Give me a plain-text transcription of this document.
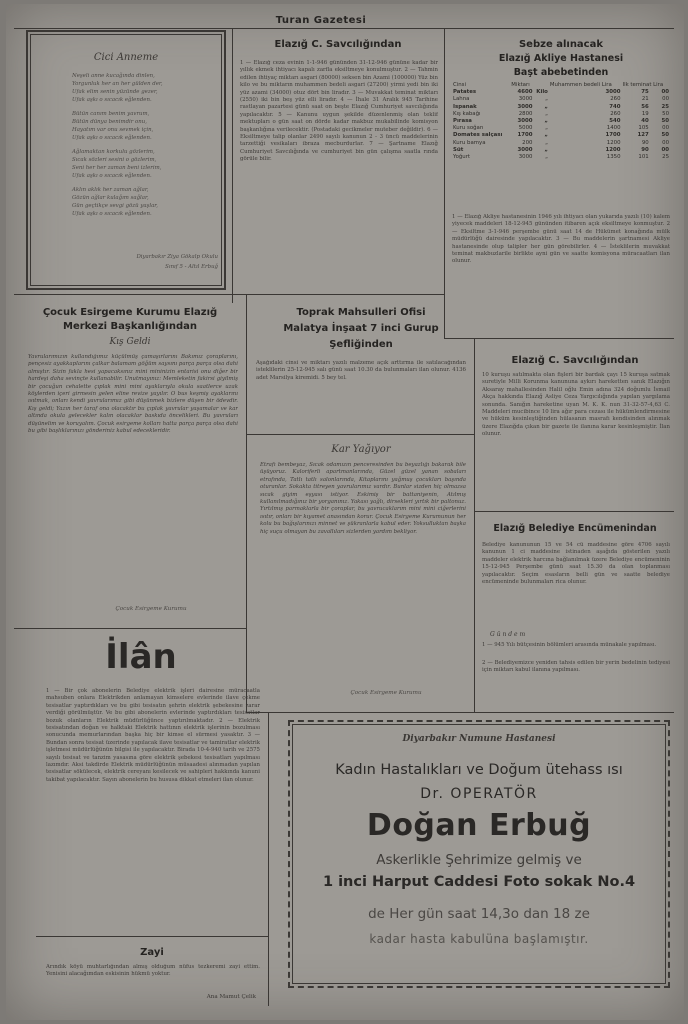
Turan Gazetesi
Cici Anneme

Neşeli anne kucağında dinlen,

Yorgunluk her an her gülden der,

Ufak elim senin yüzünde gezer,

Ufak aşkı o sıcacık eğlenden.

Bütün canım benim yavrum,

Bütün dünya benimdir onu,

Hayatım var onu sevmek için,

Ufak aşkı o sıcacık eğlenden.

Ağlamaktan korkulu gözlerim,

Sıcak sözleri sesini o gözlerim,

Seni her her zaman beni izlerim,

Ufak aşkı o sıcacık eğlenden.

Aklın aklık her zaman ağlar,

Gözün ağlar kulağım sağlar,

Gün geçtikçe sevgi gözü yaşlar,

Ufak aşkı o sıcacık eğlenden.

Diyarbakır Ziya Gökalp Okulu
Sınıf 5 - Altıl Erbuğ
Elazığ C. Savcılığından
1 — Elazığ ceza evinin 1-1-946 gününden 31-12-946 gününe kadar bir yıllık ekmek ihtiyacı kapalı zarfla eksiltmeye konulmuştur. 2 — Tahmin edilen ihtiyaç miktarı asgari (80000) seksen bin Azami (100000) Yüz bin kilo ve bu miktarın muhammen bedeli asgari (27200) yirmi yedi bin iki yüz azami (34000) otuz dört bin liradır. 3 — Muvakkat teminat miktarı (2550) iki bin beş yüz elli liradır. 4 — İhale 31 Aralık 945 Tarihine rastlayan pazartesi günü saat on beşte Elazığ Cumhuriyet savcılığında yapılacaktır. 5 — Kanunu uygun şekilde düzenlenmiş olan teklif mektupları o gün saat on dörde kadar makbuz mukabilinde komisyon başkanlığına verilecektir. (Postadaki gecikmeler muteber değildir). 6 — Eksiltmeye talip olanlar 2490 sayılı kanunun 2 - 3 üncü maddelerinin tarzettiği vesikaları ibraza mecburdurlar. 7 — Şartname Elazığ Cumhuriyet Savcılığında ve cumhuriyet bin gün çalışma saatla rında görüle bilir.
Sebze alınacak
Elazığ Akliye Hastanesi
Başt abebetinden
Cinsi	Miktarı		Muhammen bedeli Lira	Ilk teminat Lira	
Patates	4600	Kilo	3000	75	00
Lahna	3000	„	260	21	00
Ispanak	3000	„	740	56	25
Kış kabağı	2800	„	260	19	50
Pırasa	3000	„	540	40	50
Kuru soğan	5000	„	1400	105	00
Domates salçası	1700	„	1700	127	50
Kuru bamya	200	„	1200	90	00
Süt	3000	„	1200	90	00
Yoğurt	3000	„	1350	101	25
1 — Elazığ Akliye hastanesinin 1946 yılı ihtiyacı olan yukarıda yazılı (10) kalem yiyecek maddeleri 18-12-945 gününden itibaren açık eksiltmeye konmuştur. 2 — Eksiltme 3-1-946 perşembe günü saat 14 de Hükümet konağında mülk müdürlüğü dairesinde yapılacaktır. 3 — Bu maddelerin şartnamesi Akliye hastanesinde olup talipler her gün görebilirler. 4 — İsteklilerin muvakkat teminat makbuzlarile birlikte ayni gün ve saatte komisyona müracaatları ilan olunur.
Çocuk Esirgeme Kurumu Elazığ
Merkezi Başkanlığından
Kış Geldi
Yavrularımızın kullandığımız küçülmüş çamaşırlarını Bakımız çoraplarını, pençesiz ayakkaplarını çalkar balamam göğüm saysını parça parça olsa dahi almıştır. Sizin fakla hesi yapacaksınız mini mininizin entarisi onu diğer bir hardeşi daha sevinçte kullanabilir. Unutmayınız: Memleketin fakirsi giyilmiş bir çocuğun cehalette çıplak mini mini ayaklarıyla okula saatlerce uzak köylerden içeri girmesin gelen eline revize yayılır. O bus keşmiş ayaklarını ısıtmak, onları kendi yavrularımız gibi düşünmek bizlere düşen bir ödevdir. Kış geldi; Yazın her taraf ona olacaktır bu çıplak yavrular yaşamalar ve kar altında okula gelecekler kalın olacaklar baskıda öncelikleri. Bu yavruları düşünelim ve koruyalım. Çocuk esirgeme kolları hatta parça parça olsa dahi bu gibi başlıklarınızı gönderiniz kabul edecekleridir.
Çocuk Esirgeme Kurumu
Toprak Mahsulleri Ofisi
Malatya İnşaat 7 inci Gurup
Şefliğinden
Aşağıdaki cinsi ve miktarı yazılı malzeme açık arttırma ile satılacağından isteklilerin 25-12-945 salı günü saat 10.30 da bulunmaları ilan olunur. 4136 adet Marsilya kiremidi. 5 bey tel.
Kar Yağıyor
Etrafı bembeyaz, Sıcak odamızın penceresinden bu beyazlığı bakarak bile üşüyoruz. Kaloriferli apartmanlarında, Güzel güzel yanan sobaları etrafında, Tatlı tatlı salonlarında, Kitaplarını yağmuş çocukları başında oturanlar. Sokakta titreyen yavrularımız vardır. Bunlar sizden hiç olmazsa sıcak giyim eşyası istiyor. Eskimiş bir battaniyenin, Atılmış kullanılmadığınız bir yorganınız. Yakası yağlı, dirsekleri yırtık bir paltonuz. Yırtılmış parmaklarla bir çoraplar, bu yavrucaklarım mini mini ciğerlerini ısıtır, onları bir kıyamet anasından korur. Çocuk Esirgeme Kurumunun her kolu bu bağışlarınızı minnet ve şükranlarla kabul eder. Yoksulluktan başka hiç suçu olmayan bu zavallıları sizlerden yardım bekliyor.
Çocuk Esirgeme Kurumu
Elazığ C. Savcılığından
10 kuruşu satılmakta olan fişleri bir bardak çayı 15 kuruşa satmak suretiyle Milli Korunma kanununa aykırı hareketten sanık Elazığın Aksaray mahallesinden Halil oğlu Emin adına 324 doğumlu İsmail Akça hakkında Elazığ Asliye Ceza Yargıcılığında yapılan yargılama sonunda. Sanığın hareketine uyan M. K. K. nun 31-32-57-4,63 C. Maddeleri mucibince 10 lira ağır para cezası ile hükümlendirmesine ve hüküm kesinleştiğinden hülasanın masrafı kendisinden alınmak üzere Elazığda çıkan bir gazete ile ilanına karar kesinleşmiştir. İlan olunur.
Elazığ Belediye Encümenindan
Belediye kanununun 15 ve 54 cü maddesine göre 4706 sayılı kanunun 1 ci maddesine istinaden aşağıda gösterilen yazılı maddeler elektrik harcına bağlanılmak üzere Belediye encümeninin 15-12-945 Perşembe günü saat 15.30 da olan toplanması yapılacaktır. Seçim esasların belli gün ve saatte belediye encümeninde bulunmaları rica olunur.
G ü n d e m
1 — 945 Yılı bütçesinin bölümleri arasında münakale yapılması.
2 — Belediyemizce yeniden tahsis edilen bir yerin bedelinin tediyesi için miktarı kabul ilanına yapılması.
İlân
1 — Bir çok abonelerin Belediye elektrik işleri dairesine müracaatla mahsuben onlara Elektrikden anlamayan kimselere evlerinde ilave çekme tesisatlar yaptırdıkları ve bu gibi tesisatın şehrin elektrik şebekesine zarar verdiği görülmüştür. Ve bu gibi abonelerin evlerinde yaptırdıkları tesisatlar bozuk olanların Elektrik müdürlüğünce yaptırılmaktadır. 2 — Elektrik tesisatından doğan ve halktaki Elektrik hattının elektrik işlerinin bozulması sonucunda memurlarından başka hiç bir kimse el sürmesi yasaktır. 3 — Bundan sonra tesisat üzerinde yapılacak ilave tesisatlar ve tamiratlar elektrik işletmesi müdürlüğünün bilgisi ile yapılacaktır. Birada 10-4-940 tarih ve 2575 sayılı tesisat ve tanzim yasasına göre elektrik şebekesi tesisatları yapılması lazımdır. Aksi takdirde Elektrik müdürlüğünün müsaadesi alınmadan yapılan tesisatlar sökülecek, elektrik cereyanı kesilecek ve sahipleri hakkında kanuni takibat yapılacaktır. Sayın abonelerin bu hususa dikkat etmeleri ilan olunur.
Zayi
Arındık köyü muhtarlığından almış olduğum nüfus tezkeremi zayi ettim. Yenisini alacağımdan eskisinin hükmü yoktur.
Ana Mamut Çelik
Diyarbakır Numune Hastanesi
Kadın Hastalıkları ve Doğum ütehass ısı
Dr. OPERATÖR
Doğan Erbuğ
Askerlikle Şehrimize gelmiş ve
1 inci Harput Caddesi Foto sokak No.4
de Her gün saat 14,3o dan 18 ze
kadar hasta kabulüna başlamıştır.
